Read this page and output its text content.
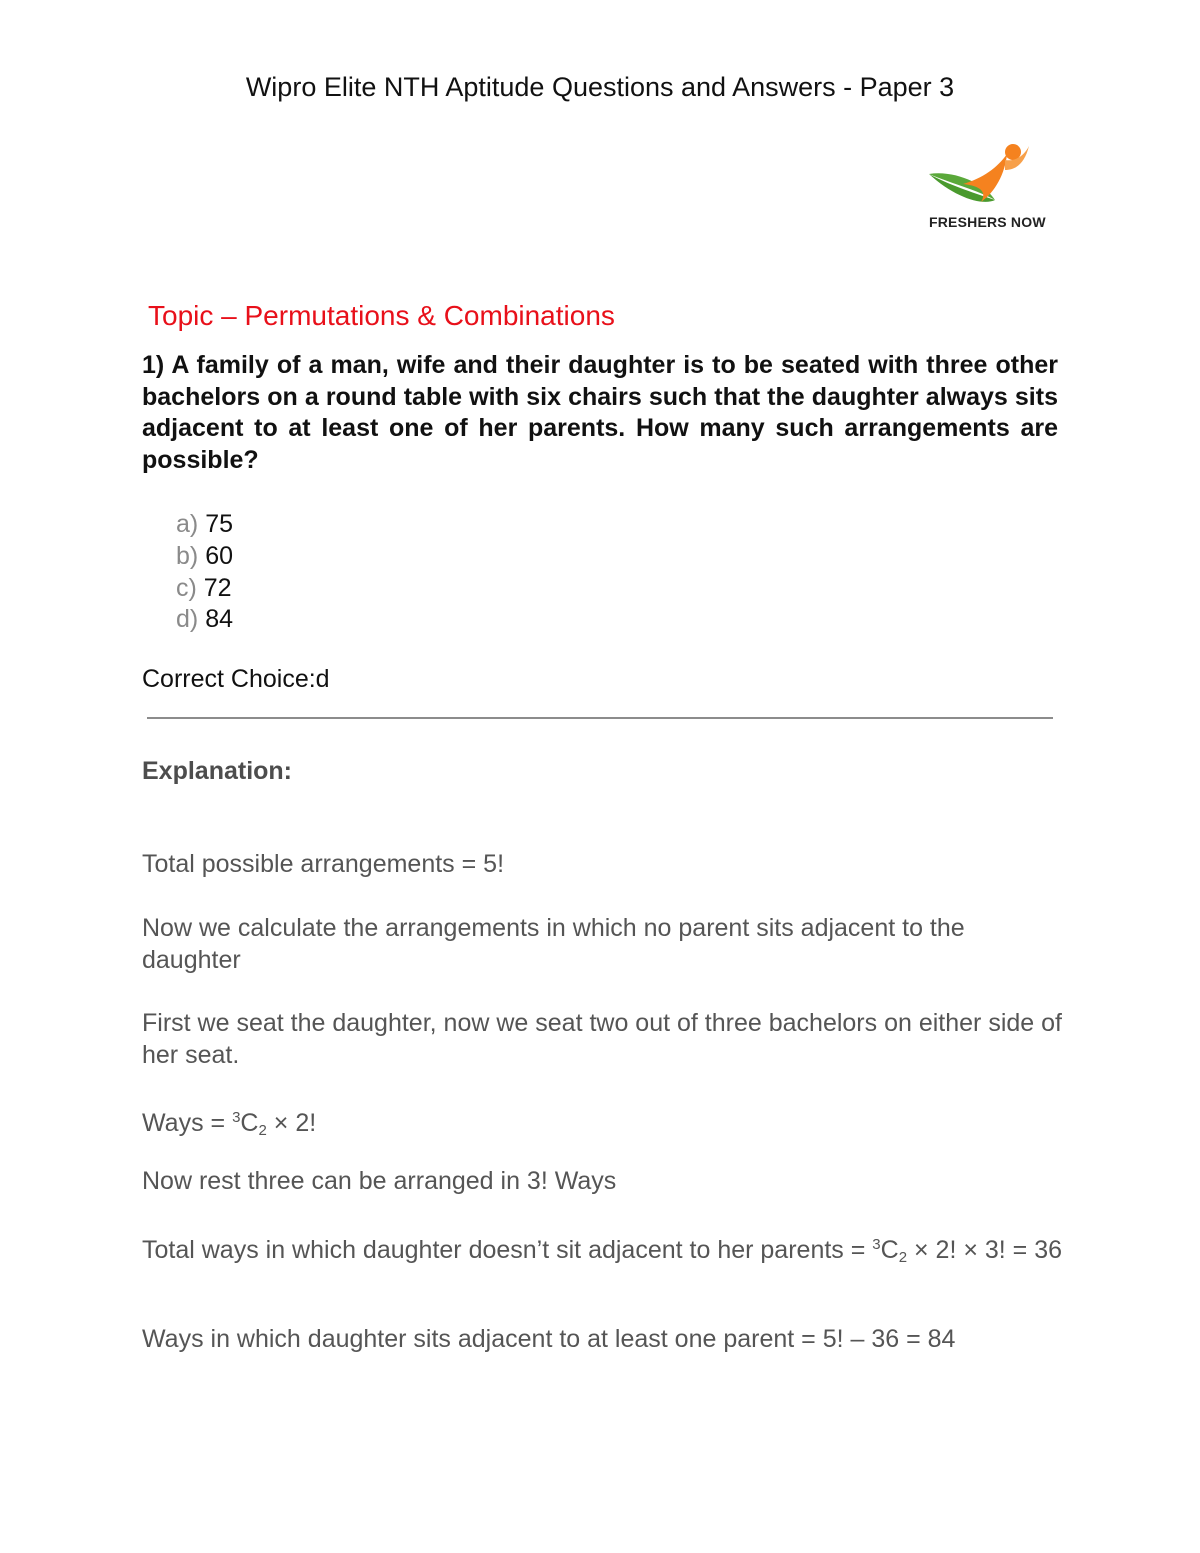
Wipro Elite NTH Aptitude Questions and Answers - Paper 3
FRESHERS NOW
Topic – Permutations & Combinations
1) A family of a man, wife and their daughter is to be seated with three other bachelors on a round table with six chairs such that the daughter always sits adjacent to at least one of her parents. How many such arrangements are possible?
a) 75
b) 60
c) 72
d) 84
Correct Choice:d
Explanation:
Total possible arrangements = 5!
Now we calculate the arrangements in which no parent sits adjacent to the daughter
First we seat the daughter, now we seat two out of three bachelors on either side of her seat.
Ways = $^3C_2 \times 2$!
Now rest three can be arranged in 3! Ways
Total ways in which daughter doesn’t sit adjacent to her parents = $^3C_2 \times 2$! × 3! = 36
Ways in which daughter sits adjacent to at least one parent = 5! – 36 = 84
